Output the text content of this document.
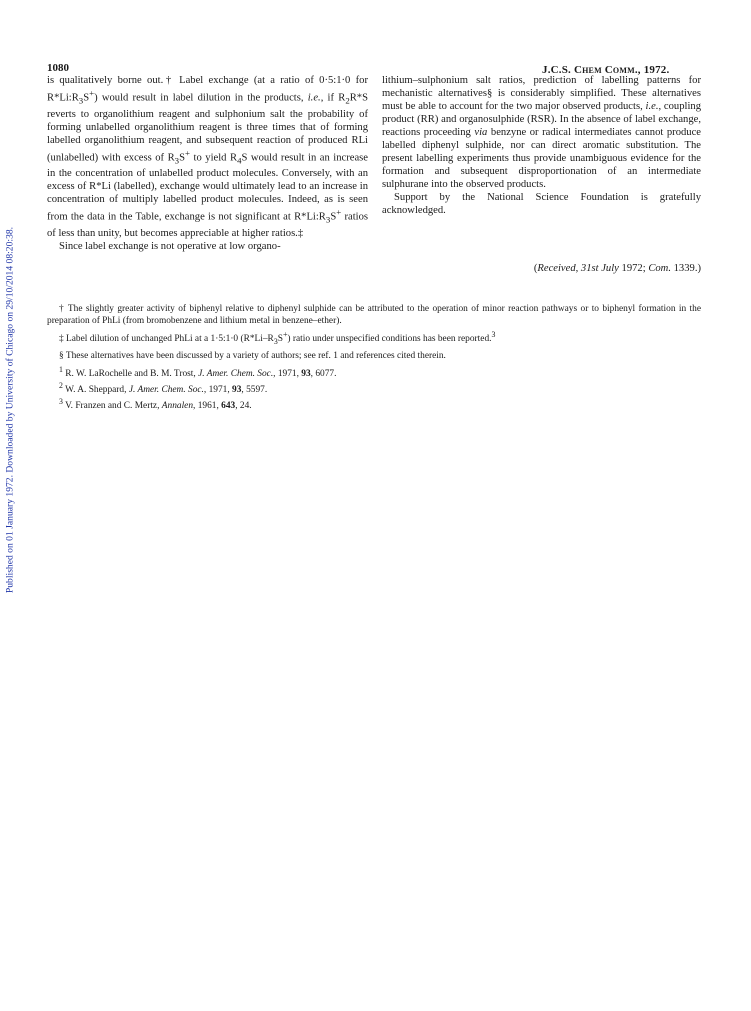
Published on 01 January 1972. Downloaded by University of Chicago on 29/10/2014 08:20:38.
1080	J.C.S. Chem Comm., 1972.

is qualitatively borne out.† Label exchange (at a ratio of 0·5:1·0 for $R*Li:R_3S^+$) would result in label dilution in the products, i.e., if $R_2R*S$ reverts to organolithium reagent and sulphonium salt the probability of forming unlabelled organolithium reagent is three times that of forming labelled organolithium reagent, and subsequent reaction of produced RLi (unlabelled) with excess of $R_3S^+$ to yield $R_4S$ would result in an increase in the concentration of unlabelled product molecules. Conversely, with an excess of R*Li (labelled), exchange would ultimately lead to an increase in concentration of multiply labelled product molecules. Indeed, as is seen from the data in the Table, exchange is not significant at $R*Li:R_3S^+$ ratios of less than unity, but becomes appreciable at higher ratios.‡

Since label exchange is not operative at low organo-

lithium–sulphonium salt ratios, prediction of labelling patterns for mechanistic alternatives§ is considerably simplified. These alternatives must be able to account for the two major observed products, i.e., coupling product (RR) and organosulphide (RSR). In the absence of label exchange, reactions proceeding via benzyne or radical intermediates cannot produce labelled diphenyl sulphide, nor can direct aromatic substitution. The present labelling experiments thus provide unambiguous evidence for the formation and subsequent disproportionation of an intermediate sulphurane into the observed products.

Support by the National Science Foundation is gratefully acknowledged.

(Received, 31st July 1972; Com. 1339.)

† The slightly greater activity of biphenyl relative to diphenyl sulphide can be attributed to the operation of minor reaction pathways or to biphenyl formation in the preparation of PhLi (from bromobenzene and lithium metal in benzene–ether).

‡ Label dilution of unchanged PhLi at a 1·5:1·0 $(R*Li-R_3S^+)$ ratio under unspecified conditions has been reported.$^3$

§ These alternatives have been discussed by a variety of authors; see ref. 1 and references cited therein.

$^1$ R. W. LaRochelle and B. M. Trost, J. Amer. Chem. Soc., 1971, 93, 6077.

$^2$ W. A. Sheppard, J. Amer. Chem. Soc., 1971, 93, 5597.

$^3$ V. Franzen and C. Mertz, Annalen, 1961, 643, 24.
